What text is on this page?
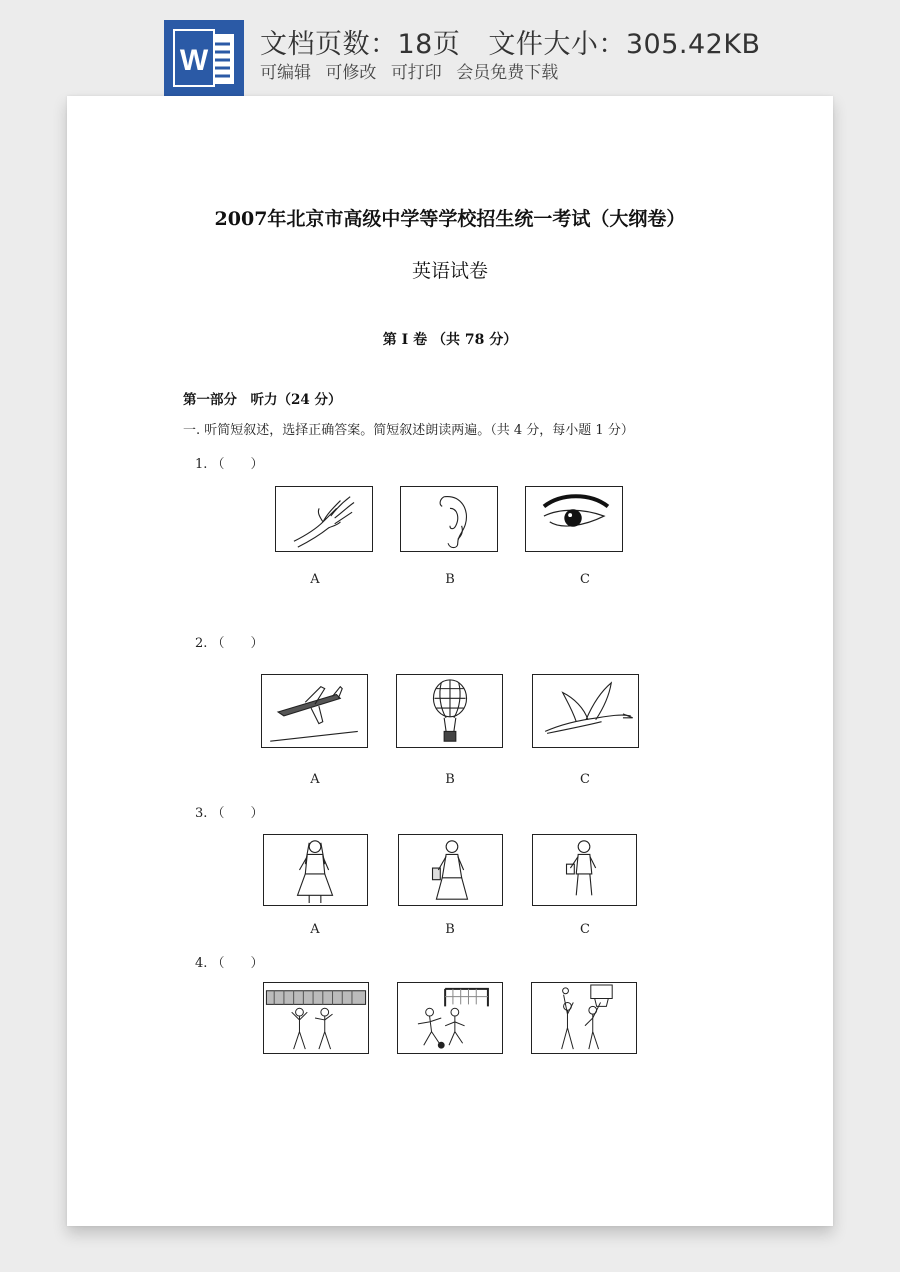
W 文档页数：18页 文件大小：305.42KB
可编辑 可修改 可打印 会员免费下载
2007年北京市高级中学等学校招生统一考试（大纲卷）
英语试卷
第 I 卷 （共 78 分）
第一部分　听力（24 分）
一. 听简短叙述，选择正确答案。简短叙述朗读两遍。（共 4 分，每小题 1 分）
1. （　　）
A	B	C
2. （　　）
A	B	C
3. （　　）
A	B	C
4. （　　）
